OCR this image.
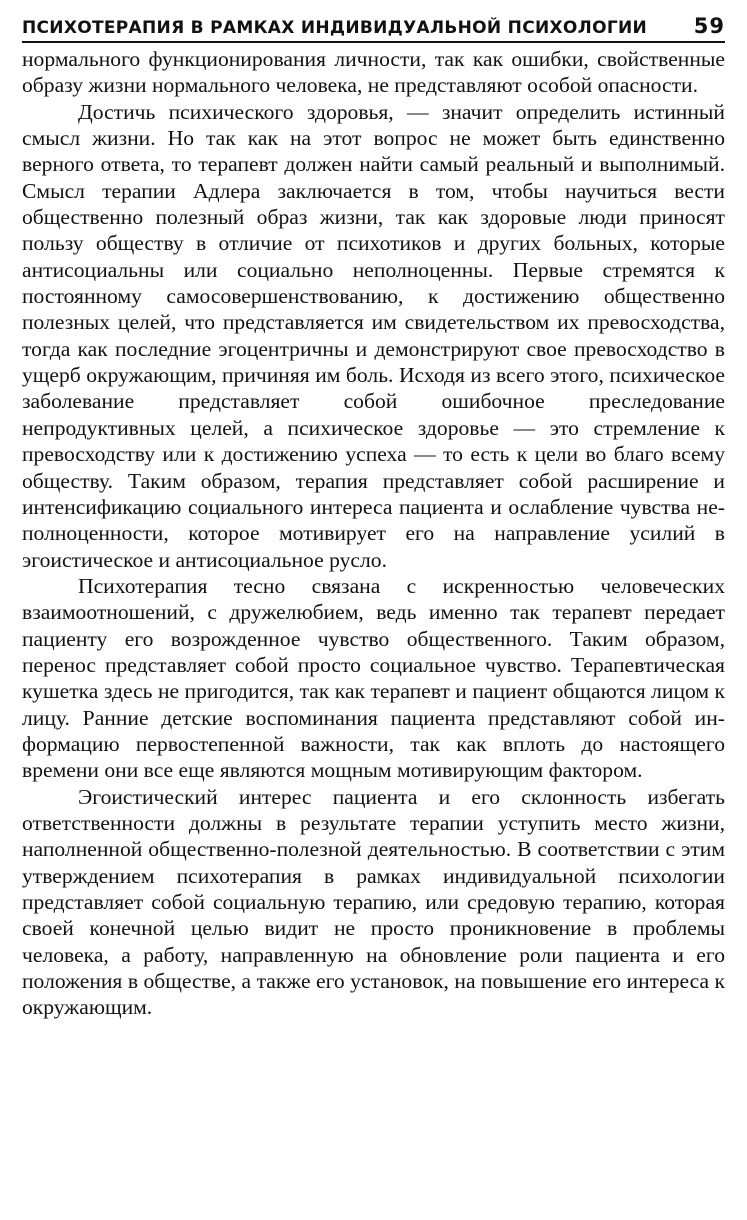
ПСИХОТЕРАПИЯ В РАМКАХ ИНДИВИДУАЛЬНОЙ ПСИХОЛОГИИ 59

нормального функционирования личности, так как ошибки, свойственные образу жизни нормального человека, не представляют особой опасности.

Достичь психического здоровья, — значит определить истинный смысл жизни. Но так как на этот вопрос не может быть единственно верного ответа, то терапевт должен найти самый реальный и выполнимый. Смысл терапии Адлера заключается в том, чтобы научиться вести общественно полезный образ жизни, так как здоровые люди приносят пользу обществу в отличие от психотиков и других больных, которые антисоциальны или социально неполноценны. Первые стремятся к постоянному самосовершенствованию, к достижению общественно полезных целей, что представляется им свидетельством их превосходства, тогда как последние эгоцентричны и демонстрируют свое превосходство в ущерб окружающим, причиняя им боль. Исходя из всего этого, психическое заболевание представляет собой ошибочное преследование непродуктивных целей, а психическое здоровье — это стремление к превосходству или к достижению успеха — то есть к цели во благо всему обществу. Таким образом, терапия представляет собой расширение и интенсификацию социального интереса пациента и ослабление чувства неполноценности, которое мотивирует его на направление усилий в эгоистическое и антисоциальное русло.

Психотерапия тесно связана с искренностью человеческих взаимоотношений, с дружелюбием, ведь именно так терапевт передает пациенту его возрожденное чувство общественного. Таким образом, перенос представляет собой просто социальное чувство. Терапевтическая кушетка здесь не пригодится, так как терапевт и пациент общаются лицом к лицу. Ранние детские воспоминания пациента представляют собой информацию первостепенной важности, так как вплоть до настоящего времени они все еще являются мощным мотивирующим фактором.

Эгоистический интерес пациента и его склонность избегать ответственности должны в результате терапии уступить место жизни, наполненной общественно-полезной деятельностью. В соответствии с этим утверждением психотерапия в рамках индивидуальной психологии представляет собой социальную терапию, или средовую терапию, которая своей конечной целью видит не просто проникновение в проблемы человека, а работу, направленную на обновление роли пациента и его положения в обществе, а также его установок, на повышение его интереса к окружающим.
